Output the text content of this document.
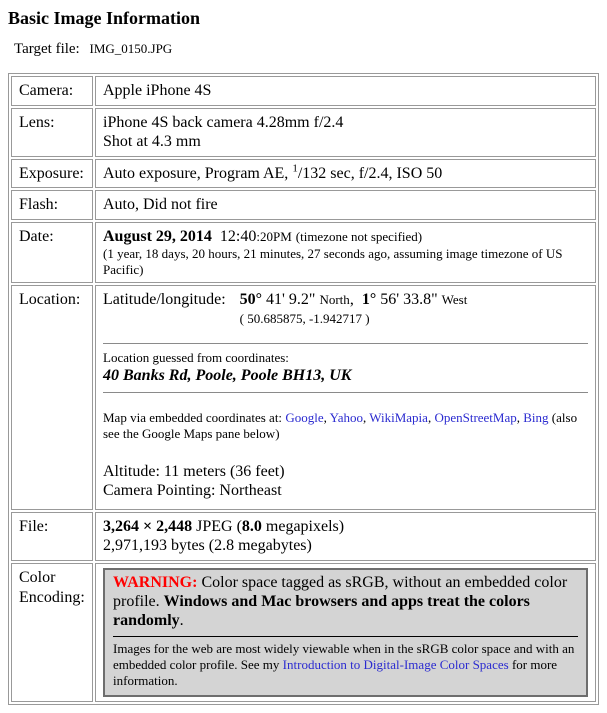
Basic Image Information
Target file: IMG_0150.JPG
Camera:	Apple iPhone 4S
Lens:	iPhone 4S back camera 4.28mm f/2.4
Shot at 4.3 mm

Exposure:	Auto exposure, Program AE, $^1$/132 sec, f/2.4, ISO 50
Flash:	Auto, Did not fire
Date:	August 29, 2014 12:40:20PM (timezone not specified)
(1 year, 18 days, 20 hours, 21 minutes, 27 seconds ago, assuming image timezone of US Pacific)

Location:	Latitude/longitude: 50° 41' 9.2" North, 1° 56' 33.8" West
( 50.685875, -1.942717 )
Location guessed from coordinates:
40 Banks Rd, Poole, Poole BH13, UK
Map via embedded coordinates at: Google, Yahoo, WikiMapia, OpenStreetMap, Bing (also see the Google Maps pane below)
Altitude: 11 meters (36 feet)
Camera Pointing: Northeast

File:	3,264 × 2,448 JPEG (8.0 megapixels)
2,971,193 bytes (2.8 megabytes)

Color Encoding:	WARNING: Color space tagged as sRGB, without an embedded color profile. Windows and Mac browsers and apps treat the colors randomly.
Images for the web are most widely viewable when in the sRGB color space and with an embedded color profile. See my Introduction to Digital-Image Color Spaces for more information.
